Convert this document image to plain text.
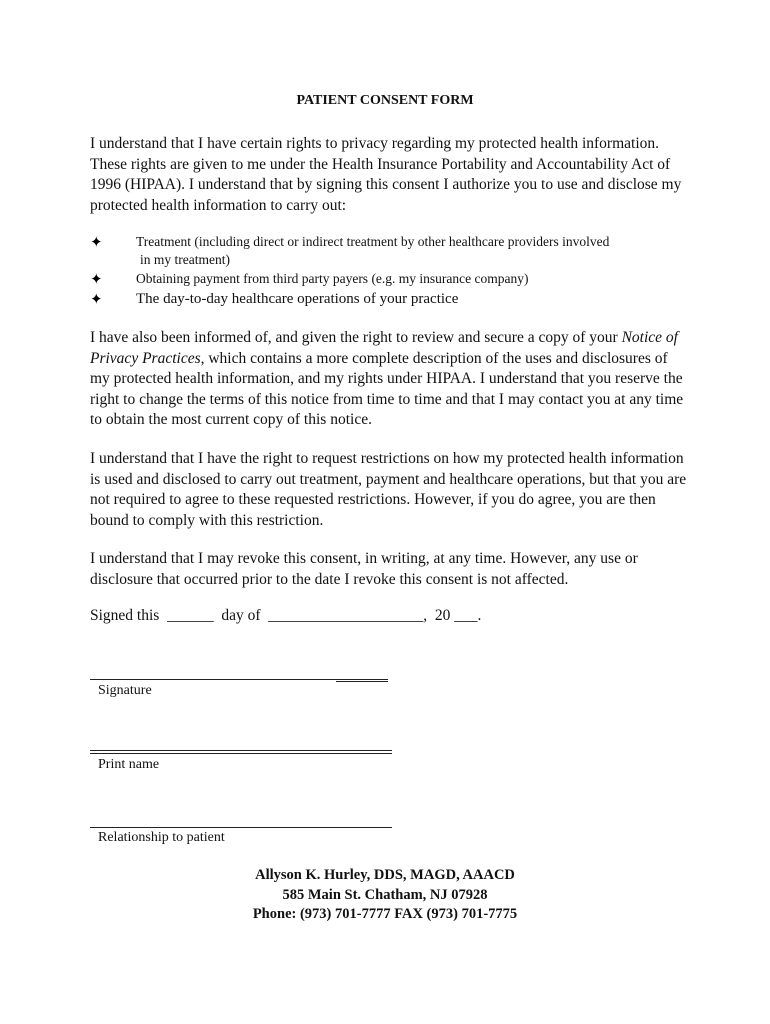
PATIENT CONSENT FORM
I understand that I have certain rights to privacy regarding my protected health information. These rights are given to me under the Health Insurance Portability and Accountability Act of 1996 (HIPAA). I understand that by signing this consent I authorize you to use and disclose my protected health information to carry out:
✦ Treatment (including direct or indirect treatment by other healthcare providers involved
in my treatment)
✦ Obtaining payment from third party payers (e.g. my insurance company)
✦ The day-to-day healthcare operations of your practice
I have also been informed of, and given the right to review and secure a copy of your Notice of Privacy Practices, which contains a more complete description of the uses and disclosures of my protected health information, and my rights under HIPAA. I understand that you reserve the right to change the terms of this notice from time to time and that I may contact you at any time to obtain the most current copy of this notice.
I understand that I have the right to request restrictions on how my protected health information is used and disclosed to carry out treatment, payment and healthcare operations, but that you are not required to agree to these requested restrictions. However, if you do agree, you are then bound to comply with this restriction.
I understand that I may revoke this consent, in writing, at any time. However, any use or disclosure that occurred prior to the date I revoke this consent is not affected.
Signed this  ______  day of  ____________________,  20 ___.
Signature
Print name
Relationship to patient
Allyson K. Hurley, DDS, MAGD, AAACD
585 Main St. Chatham, NJ 07928
Phone: (973) 701-7777 FAX (973) 701-7775
